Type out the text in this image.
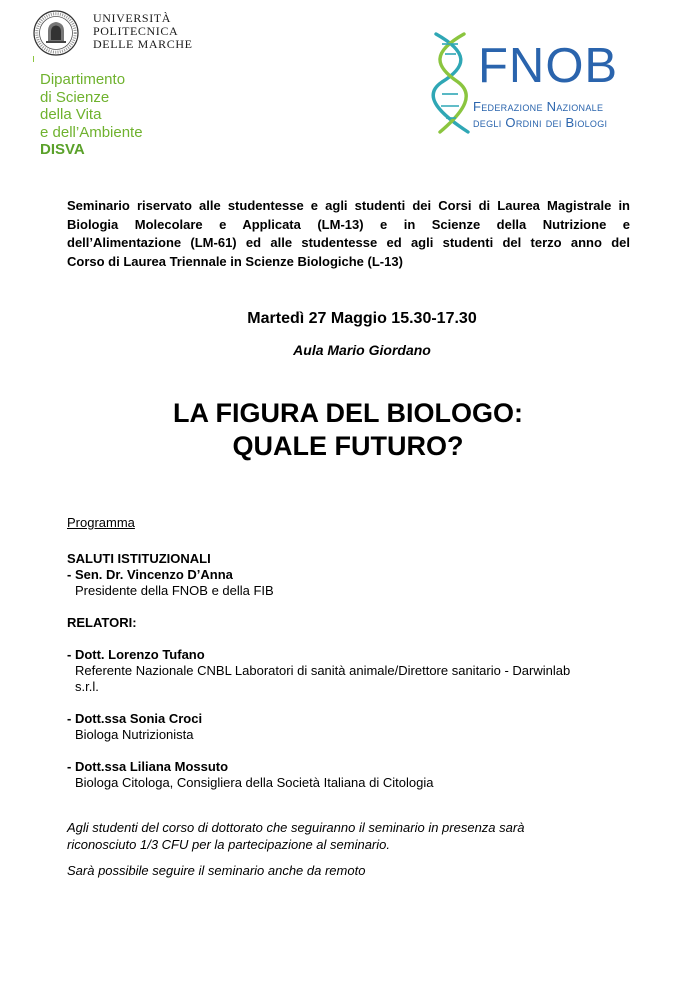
UNIVERSITÀ
POLITECNICA
DELLE MARCHE
Dipartimento
di Scienze
della Vita
e dell’Ambiente
DISVA
FNOB
Federazione Nazionale
degli Ordini dei Biologi
Seminario riservato alle studentesse e agli studenti dei Corsi di Laurea Magistrale in
Biologia Molecolare e Applicata (LM-13) e in Scienze della Nutrizione e
dell’Alimentazione (LM-61) ed alle studentesse ed agli studenti del terzo anno del
Corso di Laurea Triennale in Scienze Biologiche (L-13)
Martedì 27 Maggio 15.30-17.30
Aula Mario Giordano
LA FIGURA DEL BIOLOGO:
QUALE FUTURO?
Programma
SALUTI ISTITUZIONALI
- Sen. Dr. Vincenzo D’Anna
Presidente della FNOB e della FIB
RELATORI:
- Dott. Lorenzo Tufano
Referente Nazionale CNBL Laboratori di sanità animale/Direttore sanitario - Darwinlab
s.r.l.
- Dott.ssa Sonia Croci
Biologa Nutrizionista
- Dott.ssa Liliana Mossuto
Biologa Citologa, Consigliera della Società Italiana di Citologia
Agli studenti del corso di dottorato che seguiranno il seminario in presenza sarà
riconosciuto 1/3 CFU per la partecipazione al seminario.
Sarà possibile seguire il seminario anche da remoto
